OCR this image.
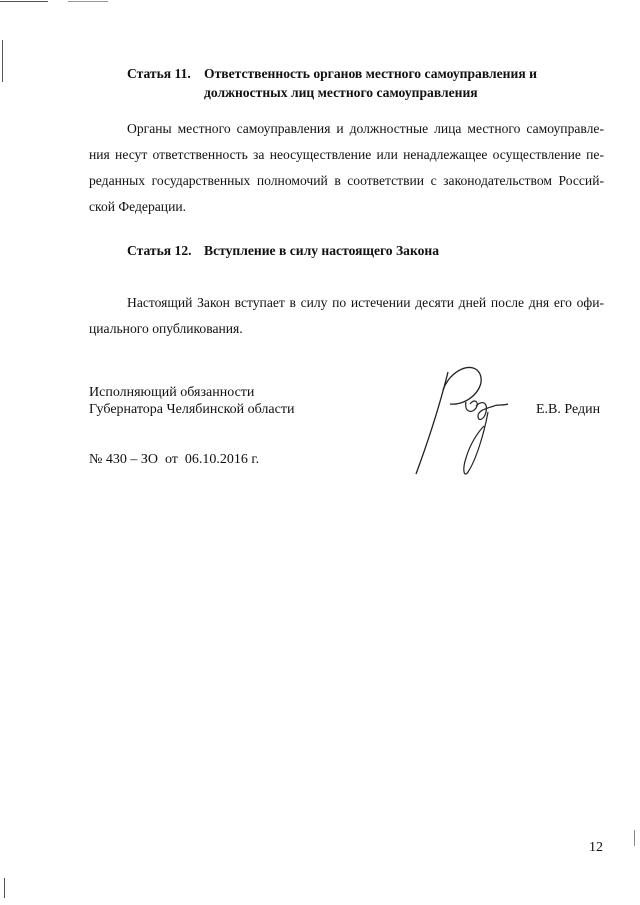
Статья 11. Ответственность органов местного самоуправления и
должностных лиц местного самоуправления
Органы местного самоуправления и должностные лица местного самоуправле-
ния несут ответственность за неосуществление или ненадлежащее осуществление пе-
реданных государственных полномочий в соответствии с законодательством Россий-
ской Федерации.
Статья 12. Вступление в силу настоящего Закона
Настоящий Закон вступает в силу по истечении десяти дней после дня его офи-
циального опубликования.
Исполняющий обязанности
Губернатора Челябинской области	Е.В. Редин
№ 430 – ЗО  от  06.10.2016 г.
12
